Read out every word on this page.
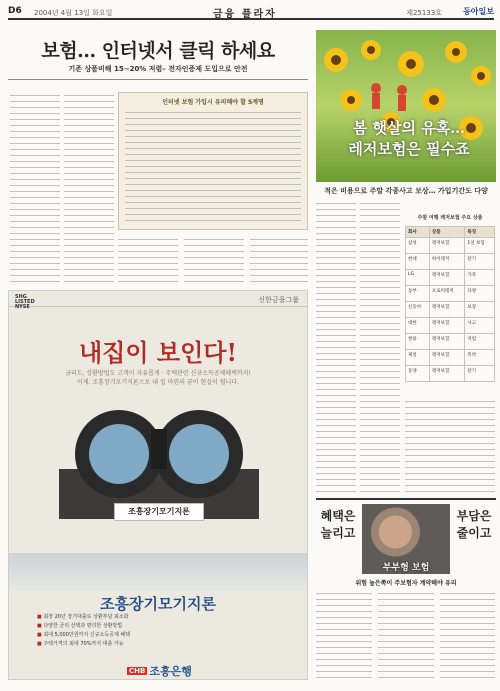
D6 2004년 4월 13일 화요일	금융 플라자	제25133호	동아일보
보험… 인터넷서 클릭 하세요
기존 상품비해 15~20% 저렴– 전자인증제 도입으로 안전
인터넷 보험 가입시 유의해야 할 5계명
SHG
LISTED
NYSE
신한금융그룹
내집이 보인다!
금리도, 상환방법도 고객이 자유롭게 · 주택관련 신규소득공제혜택까지!
이제, 조흥장기모기지론으로 내 집 마련의 꿈이 현실이 됩니다.
조흥장기모기지론
조흥장기모기지론
■ 최장 20년 장기대출로 상환부담 최소화
■ 다양한 금리 선택과 편리한 상환방법
■ 최대 5,000만원까지 신규소득공제 혜택
■ 주택가격의 최대 70%까지 대출 가능
CHB 조흥은행
봄 햇살의 유혹…
레저보험은 필수죠
적은 비용으로 주말 각종사고 보상… 가입기간도 다양
주말 여행 레저보험 주요 상품
회사	상품	특징
삼성	레저보험	1일 보험
현대	하이레저	단기
LG	레저보험	가족
동부	프로미레저	다양
신동아	레저보험	보장
대한	레저보험	사고
쌍용	레저보험	저렴
제일	레저보험	특약
동양	레저보험	단기
혜택은
늘리고
부부형 보험
부담은
줄이고
위험 높은쪽이 주보험자 계약해야 유리
